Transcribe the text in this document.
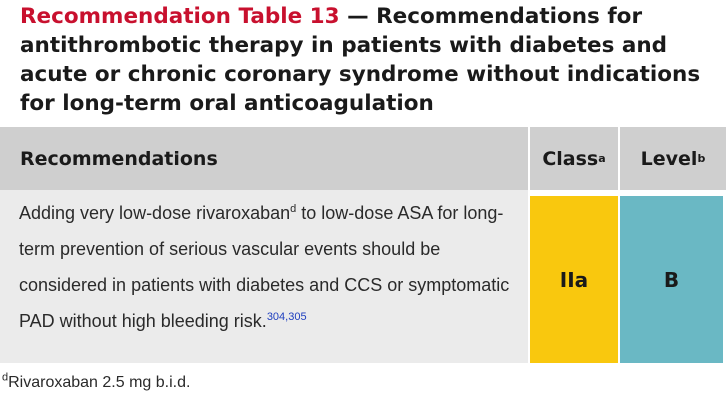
Recommendation Table 13 — Recommendations for antithrombotic therapy in patients with diabetes and acute or chronic coronary syndrome without indications for long-term oral anticoagulation
Recommendations	Class a Level b
Adding very low-dose rivaroxaban$^d$ to low-dose ASA for long-term prevention of serious vascular events should be considered in patients with diabetes and CCS or symptomatic PAD without high bleeding risk.$^{304,305}$
IIa	B
$^d$Rivaroxaban 2.5 mg b.i.d.
